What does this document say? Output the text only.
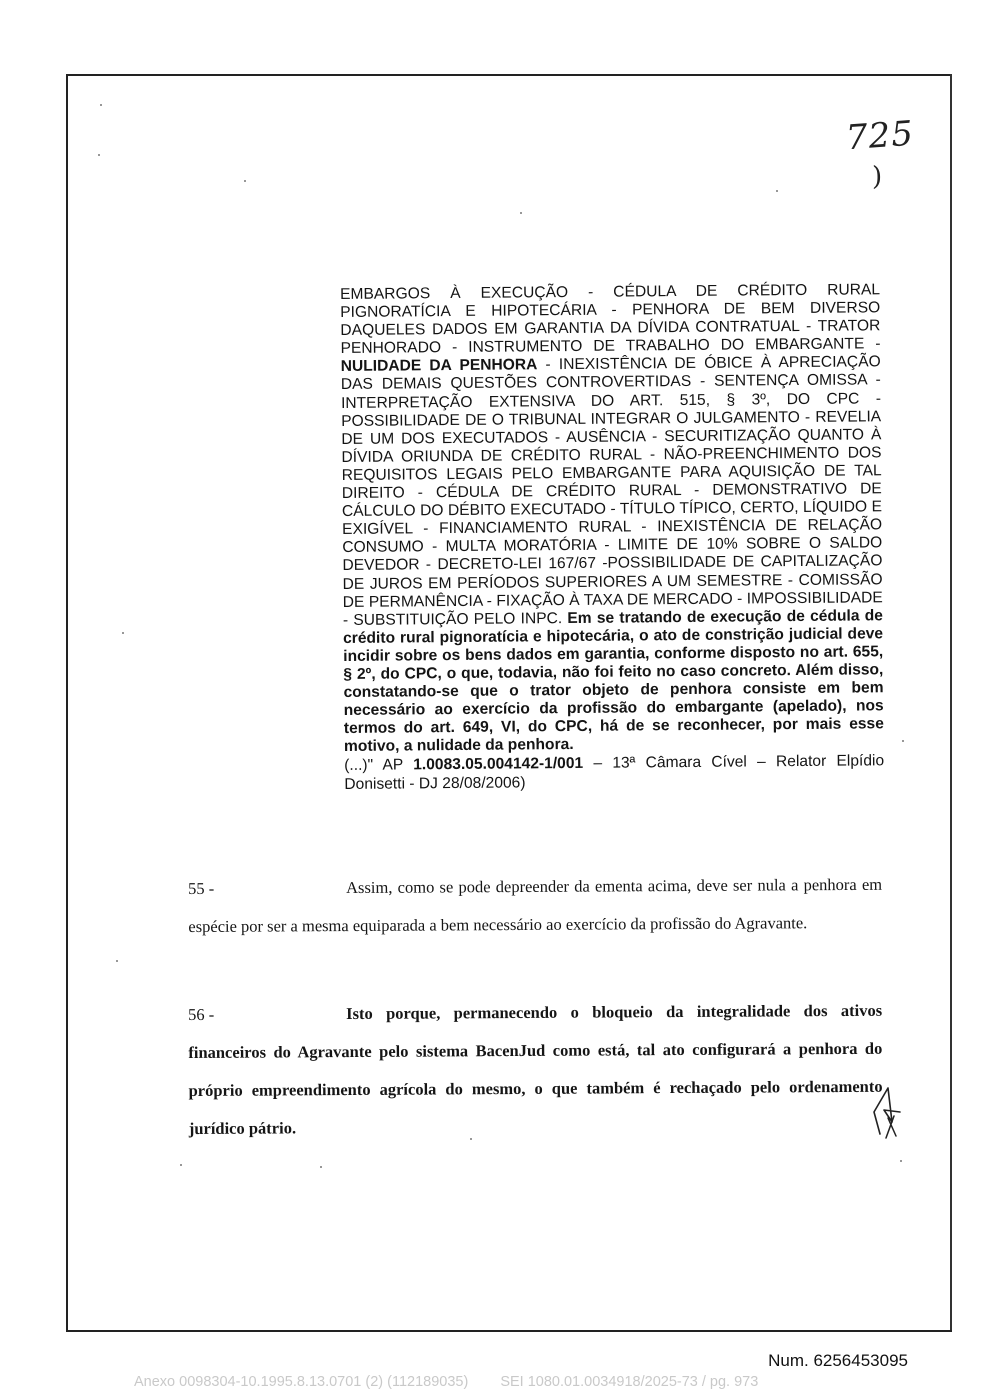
725
)
EMBARGOS À EXECUÇÃO - CÉDULA DE CRÉDITO RURAL PIGNORATÍCIA E HIPOTECÁRIA - PENHORA DE BEM DIVERSO DAQUELES DADOS EM GARANTIA DA DÍVIDA CONTRATUAL - TRATOR PENHORADO - INSTRUMENTO DE TRABALHO DO EMBARGANTE - NULIDADE DA PENHORA - INEXISTÊNCIA DE ÓBICE À APRECIAÇÃO DAS DEMAIS QUESTÕES CONTROVERTIDAS - SENTENÇA OMISSA - INTERPRETAÇÃO EXTENSIVA DO ART. 515, § 3º, DO CPC - POSSIBILIDADE DE O TRIBUNAL INTEGRAR O JULGAMENTO - REVELIA DE UM DOS EXECUTADOS - AUSÊNCIA - SECURITIZAÇÃO QUANTO À DÍVIDA ORIUNDA DE CRÉDITO RURAL - NÃO-PREENCHIMENTO DOS REQUISITOS LEGAIS PELO EMBARGANTE PARA AQUISIÇÃO DE TAL DIREITO - CÉDULA DE CRÉDITO RURAL - DEMONSTRATIVO DE CÁLCULO DO DÉBITO EXECUTADO - TÍTULO TÍPICO, CERTO, LÍQUIDO E EXIGÍVEL - FINANCIAMENTO RURAL - INEXISTÊNCIA DE RELAÇÃO CONSUMO - MULTA MORATÓRIA - LIMITE DE 10% SOBRE O SALDO DEVEDOR - DECRETO-LEI 167/67 -POSSIBILIDADE DE CAPITALIZAÇÃO DE JUROS EM PERÍODOS SUPERIORES A UM SEMESTRE - COMISSÃO DE PERMANÊNCIA - FIXAÇÃO À TAXA DE MERCADO - IMPOSSIBILIDADE - SUBSTITUIÇÃO PELO INPC. Em se tratando de execução de cédula de crédito rural pignoratícia e hipotecária, o ato de constrição judicial deve incidir sobre os bens dados em garantia, conforme disposto no art. 655, § 2º, do CPC, o que, todavia, não foi feito no caso concreto. Além disso, constatando-se que o trator objeto de penhora consiste em bem necessário ao exercício da profissão do embargante (apelado), nos termos do art. 649, VI, do CPC, há de se reconhecer, por mais esse motivo, a nulidade da penhora.
(...)" AP 1.0083.05.004142-1/001 – 13ª Câmara Cível – Relator Elpídio Donisetti - DJ 28/08/2006)
55 -	Assim, como se pode depreender da ementa acima, deve ser nula a penhora em espécie por ser a mesma equiparada a bem necessário ao exercício da profissão do Agravante.
56 -	Isto porque, permanecendo o bloqueio da integralidade dos ativos financeiros do Agravante pelo sistema BacenJud como está, tal ato configurará a penhora do próprio empreendimento agrícola do mesmo, o que também é rechaçado pelo ordenamento jurídico pátrio.
Num. 6256453095
Anexo 0098304-10.1995.8.13.0701 (2) (112189035) SEI 1080.01.0034918/2025-73 / pg. 973
